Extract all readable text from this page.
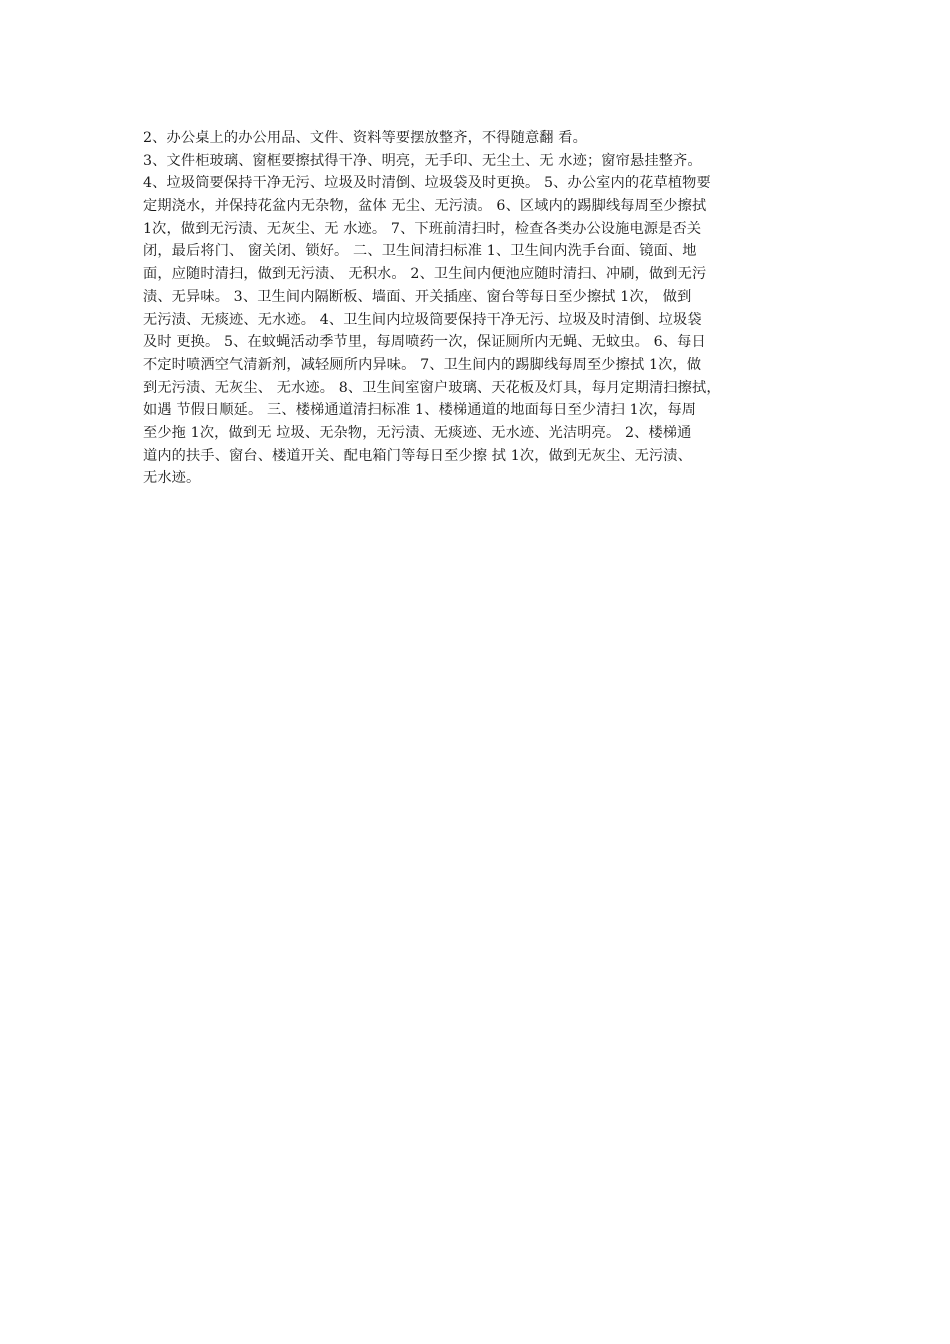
2、办公桌上的办公用品、文件、资料等要摆放整齐，不得随意翻 看。
3、文件柜玻璃、窗框要擦拭得干净、明亮，无手印、无尘土、无 水迹；窗帘悬挂整齐。
4、垃圾筒要保持干净无污、垃圾及时清倒、垃圾袋及时更换。 5、办公室内的花草植物要
定期浇水，并保持花盆内无杂物，盆体 无尘、无污渍。 6、区域内的踢脚线每周至少擦拭
1次，做到无污渍、无灰尘、无 水迹。 7、下班前清扫时，检查各类办公设施电源是否关
闭，最后将门、 窗关闭、锁好。 二、卫生间清扫标准 1、卫生间内洗手台面、镜面、地
面，应随时清扫，做到无污渍、 无积水。 2、卫生间内便池应随时清扫、冲刷，做到无污
渍、无异味。 3、卫生间内隔断板、墙面、开关插座、窗台等每日至少擦拭 1次， 做到
无污渍、无痰迹、无水迹。 4、卫生间内垃圾筒要保持干净无污、垃圾及时清倒、垃圾袋
及时 更换。 5、在蚊蝇活动季节里，每周喷药一次，保证厕所内无蝇、无蚊虫。 6、每日
不定时喷洒空气清新剂，减轻厕所内异味。 7、卫生间内的踢脚线每周至少擦拭 1次，做
到无污渍、无灰尘、 无水迹。 8、卫生间室窗户玻璃、天花板及灯具，每月定期清扫擦拭，
如遇 节假日顺延。 三、楼梯通道清扫标准 1、楼梯通道的地面每日至少清扫 1次，每周
至少拖 1次，做到无 垃圾、无杂物，无污渍、无痰迹、无水迹、光洁明亮。 2、楼梯通
道内的扶手、窗台、楼道开关、配电箱门等每日至少擦 拭 1次，做到无灰尘、无污渍、
无水迹。
